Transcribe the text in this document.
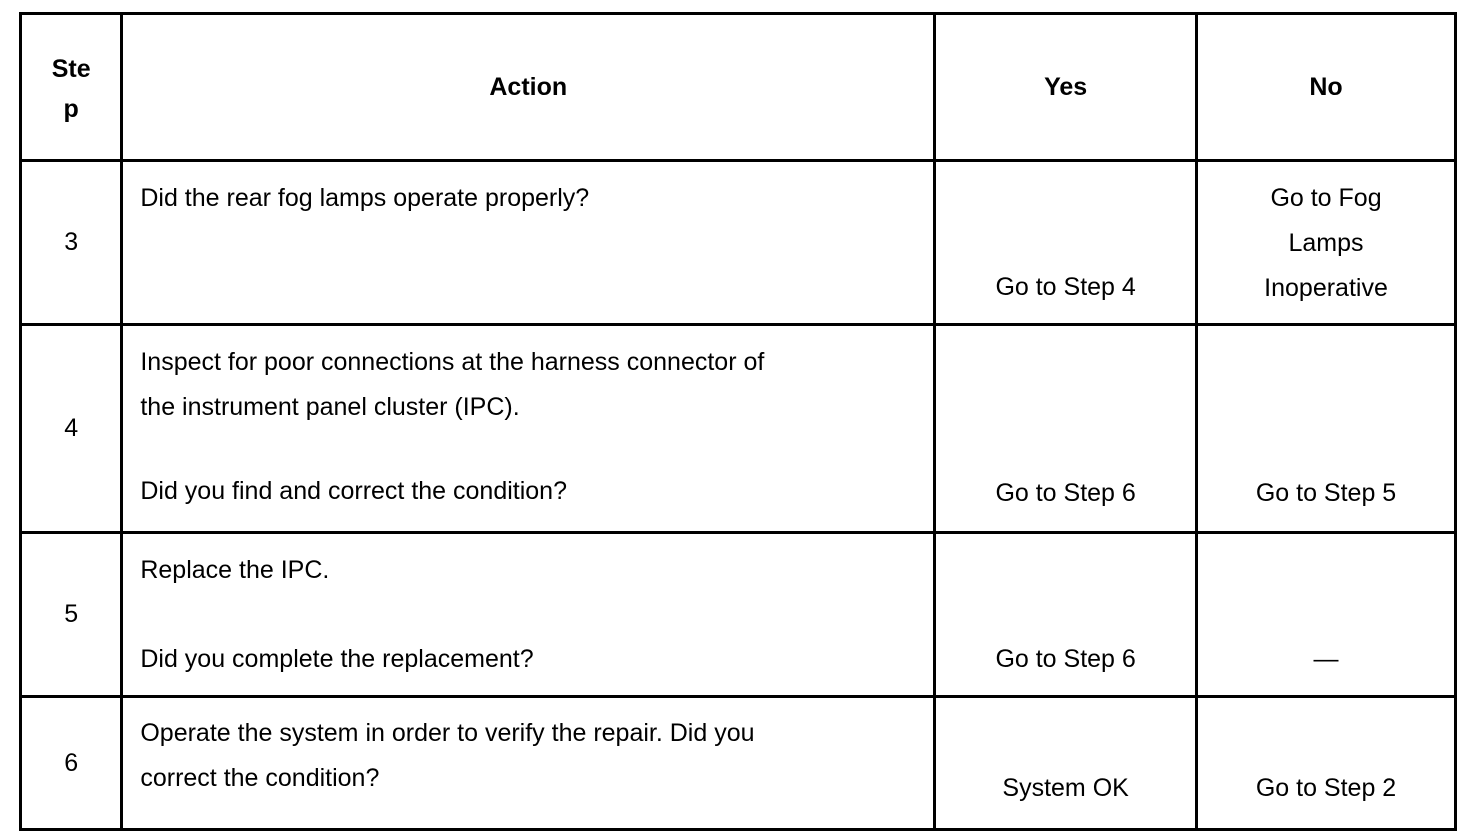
Step	Action	Yes	No
3	Did the rear fog lamps operate properly?	Go to Step 4	Go to Fog Lamps Inoperative
4	Inspect for poor connections at the harness connector of
the instrument panel cluster (IPC).
Did you find and correct the condition?	Go to Step 6	Go to Step 5
5	Replace the IPC.
Did you complete the replacement?	Go to Step 6	—
6	Operate the system in order to verify the repair. Did you
correct the condition?	System OK	Go to Step 2
